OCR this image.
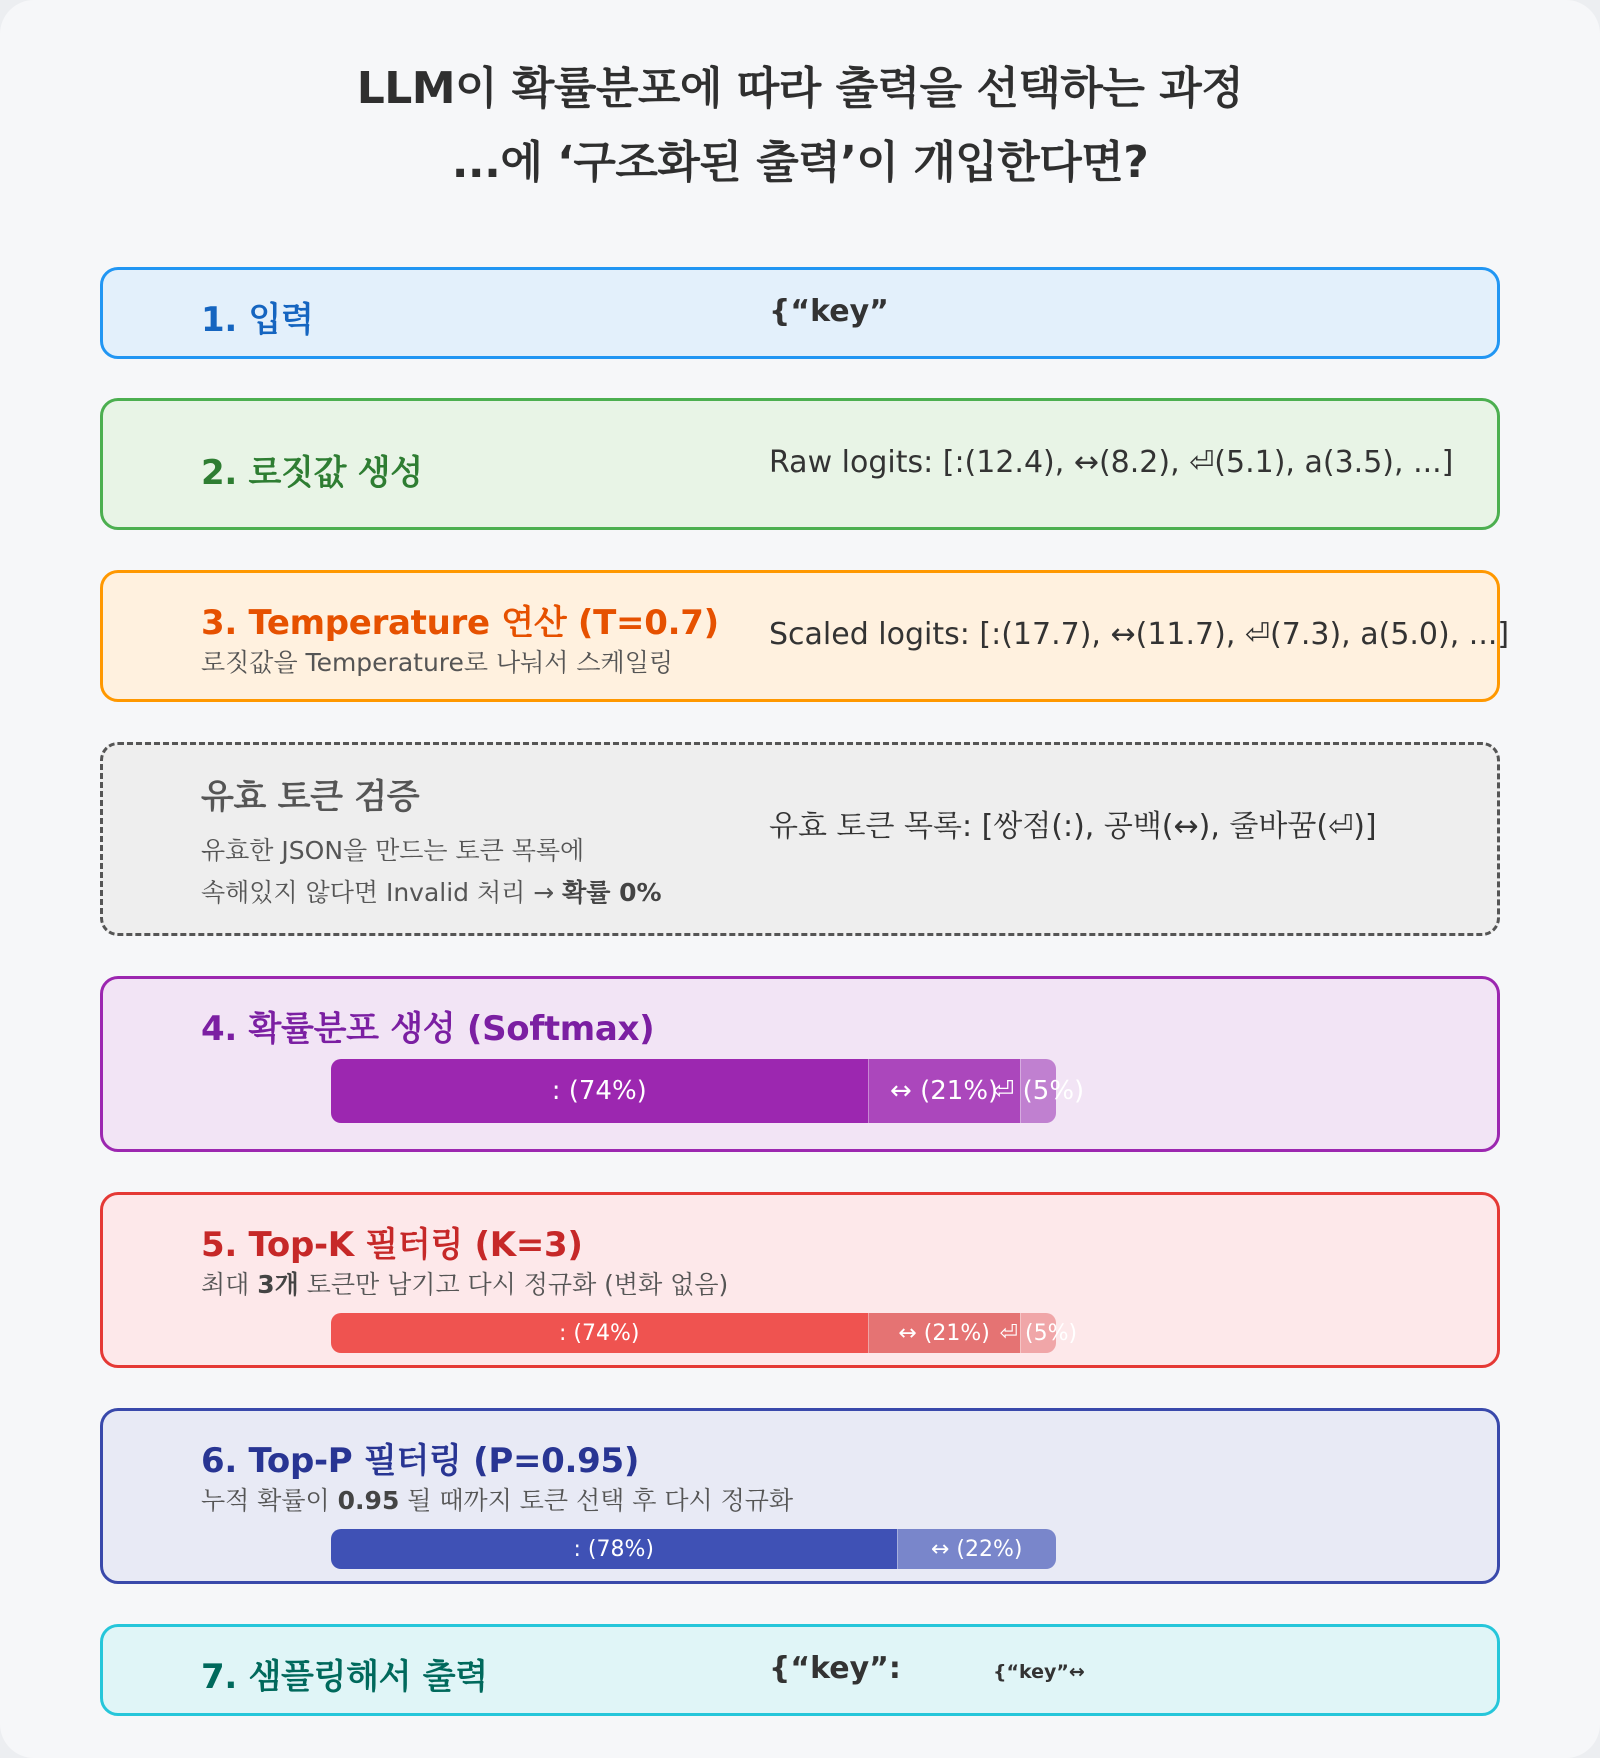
LLM이 확률분포에 따라 출력을 선택하는 과정
...에 ‘구조화된 출력’이 개입한다면?
1. 입력	{“key”
2. 로짓값 생성	Raw logits: [:(12.4), ↔(8.2), ⏎(5.1), a(3.5), ...]
3. Temperature 연산 (T=0.7)
로짓값을 Temperature로 나눠서 스케일링
Scaled logits: [:(17.7), ↔(11.7), ⏎(7.3), a(5.0), ...]
유효 토큰 검증
유효한 JSON을 만드는 토큰 목록에
속해있지 않다면 Invalid 처리 → 확률 0%
유효 토큰 목록: [쌍점(:), 공백(↔), 줄바꿈(⏎)]
4. 확률분포 생성 (Softmax)
: (74%)	↔ (21%)
⏎ (5%)
5. Top-K 필터링 (K=3)
최대 3개 토큰만 남기고 다시 정규화 (변화 없음)
: (74%)	↔ (21%) ⏎ (5%)
6. Top-P 필터링 (P=0.95)
누적 확률이 0.95 될 때까지 토큰 선택 후 다시 정규화
: (78%)	↔ (22%)
7. 샘플링해서 출력	{“key”:	{“key”↔
